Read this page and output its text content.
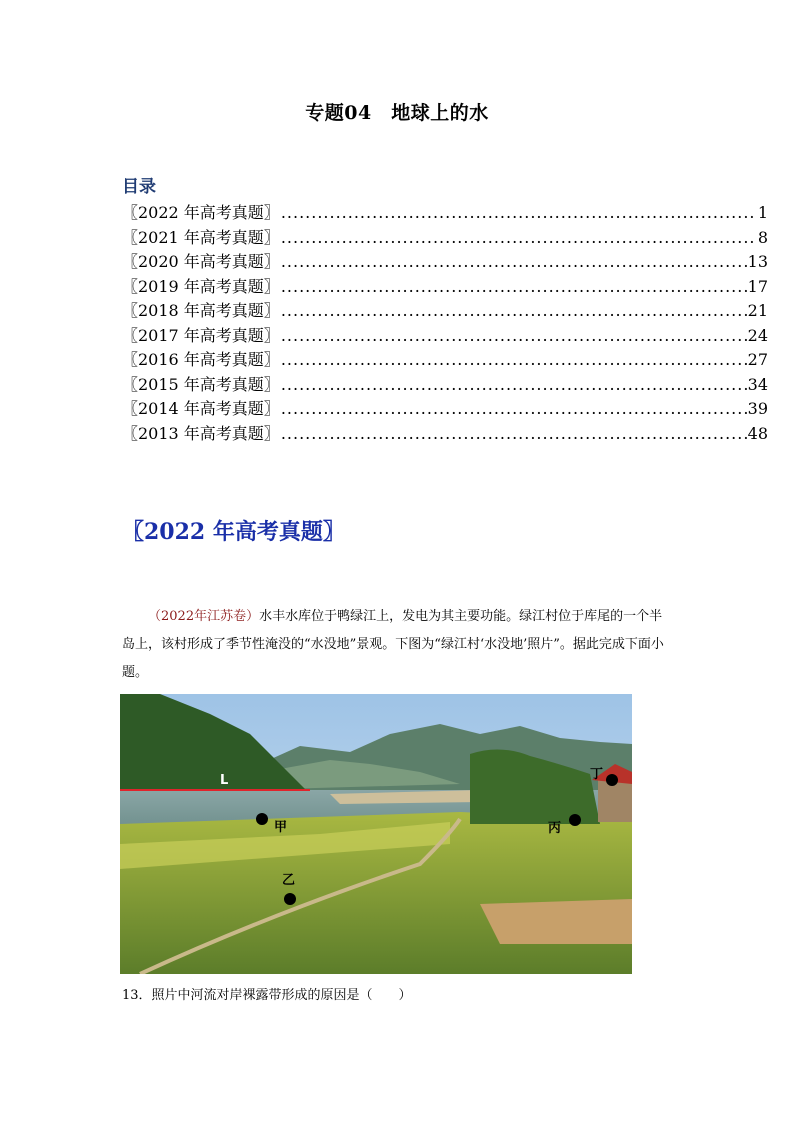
专题04　地球上的水
目录
〖2022 年高考真题〗 .....	1
〖2021 年高考真题〗 .....	8
〖2020 年高考真题〗 .....	13
〖2019 年高考真题〗 .....	17
〖2018 年高考真题〗 .....	21
〖2017 年高考真题〗 .....	24
〖2016 年高考真题〗 .....	27
〖2015 年高考真题〗 .....	34
〖2014 年高考真题〗 .....	39
〖2013 年高考真题〗 .....	48
〖2022 年高考真题〗
（2022年江苏卷）水丰水库位于鸭绿江上，发电为其主要功能。绿江村位于库尾的一个半岛上，该村形成了季节性淹没的“水没地”景观。下图为“绿江村‘水没地’照片”。据此完成下面小题。
L
甲
乙
丙
丁
13．照片中河流对岸裸露带形成的原因是（　　）
